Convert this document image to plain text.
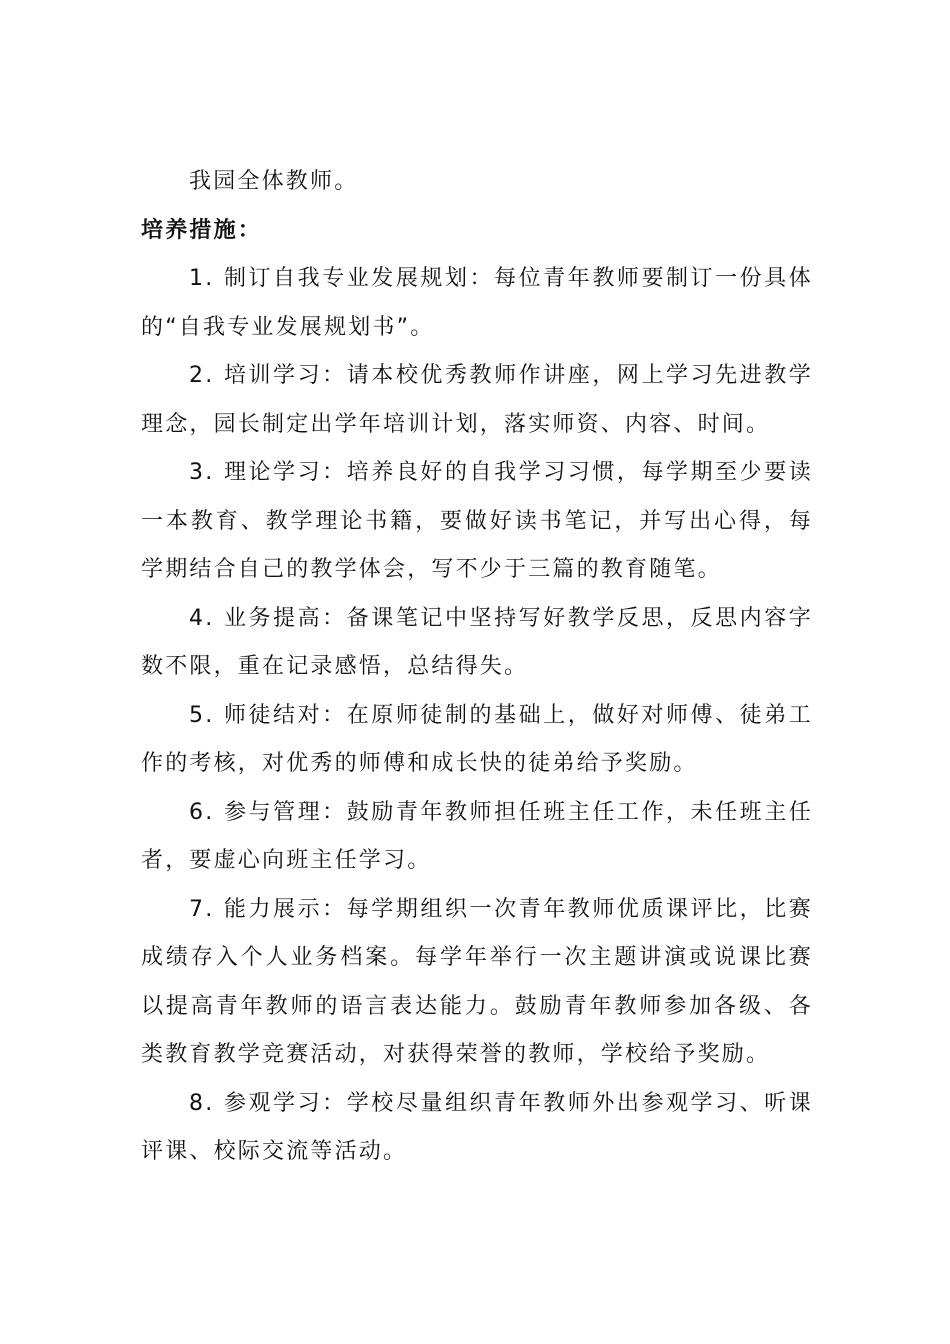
我园全体教师。

培养措施：

1. 制订自我专业发展规划：每位青年教师要制订一份具体的“自我专业发展规划书”。

2. 培训学习：请本校优秀教师作讲座，网上学习先进教学理念，园长制定出学年培训计划，落实师资、内容、时间。

3. 理论学习：培养良好的自我学习习惯，每学期至少要读一本教育、教学理论书籍，要做好读书笔记，并写出心得，每学期结合自己的教学体会，写不少于三篇的教育随笔。

4. 业务提高：备课笔记中坚持写好教学反思，反思内容字数不限，重在记录感悟，总结得失。

5. 师徒结对：在原师徒制的基础上，做好对师傅、徒弟工作的考核，对优秀的师傅和成长快的徒弟给予奖励。

6. 参与管理：鼓励青年教师担任班主任工作，未任班主任者，要虚心向班主任学习。

7. 能力展示：每学期组织一次青年教师优质课评比，比赛成绩存入个人业务档案。每学年举行一次主题讲演或说课比赛以提高青年教师的语言表达能力。鼓励青年教师参加各级、各类教育教学竞赛活动，对获得荣誉的教师，学校给予奖励。

8. 参观学习：学校尽量组织青年教师外出参观学习、听课评课、校际交流等活动。
